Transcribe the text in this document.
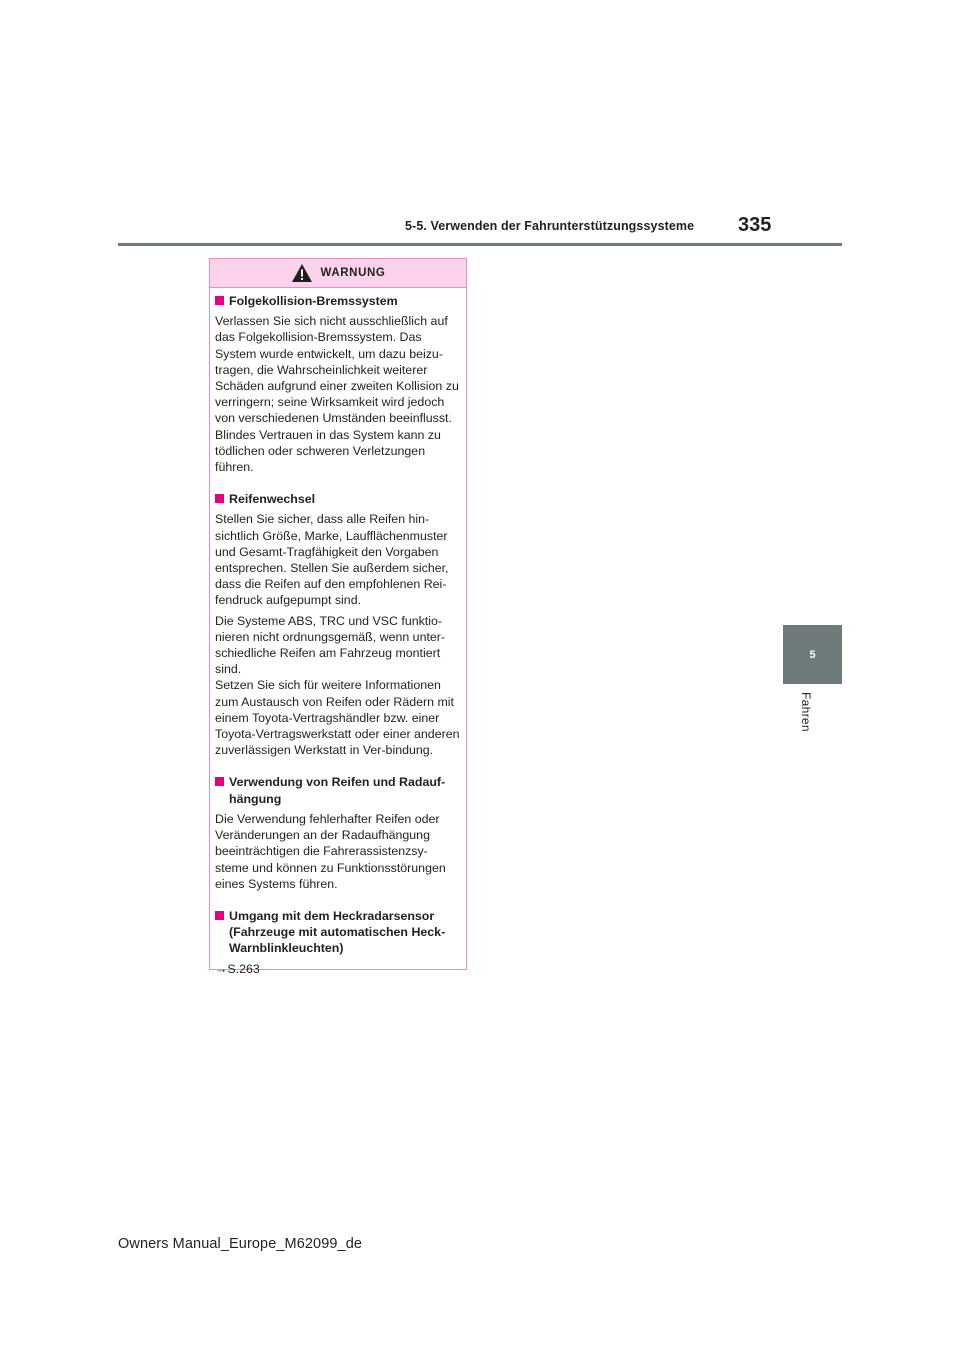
5-5. Verwenden der Fahrunterstützungssysteme 335
5
Fahren
WARNUNG
Folgekollision-Bremssystem

Verlassen Sie sich nicht ausschließlich auf das Folgekollision-Bremssystem. Das System wurde entwickelt, um dazu beizu-tragen, die Wahrscheinlichkeit weiterer Schäden aufgrund einer zweiten Kollision zu verringern; seine Wirksamkeit wird jedoch von verschiedenen Umständen beeinflusst. Blindes Vertrauen in das System kann zu tödlichen oder schweren Verletzungen führen.

Reifenwechsel

Stellen Sie sicher, dass alle Reifen hin-sichtlich Größe, Marke, Laufflächenmuster und Gesamt-Tragfähigkeit den Vorgaben entsprechen. Stellen Sie außerdem sicher, dass die Reifen auf den empfohlenen Rei-fendruck aufgepumpt sind.

Die Systeme ABS, TRC und VSC funktio-nieren nicht ordnungsgemäß, wenn unter-schiedliche Reifen am Fahrzeug montiert sind.

Setzen Sie sich für weitere Informationen zum Austausch von Reifen oder Rädern mit einem Toyota-Vertragshändler bzw. einer Toyota-Vertragswerkstatt oder einer anderen zuverlässigen Werkstatt in Ver-bindung.

Verwendung von Reifen und Radauf-hängung

Die Verwendung fehlerhafter Reifen oder Veränderungen an der Radaufhängung beeinträchtigen die Fahrerassistenzsy-steme und können zu Funktionsstörungen eines Systems führen.

Umgang mit dem Heckradarsensor (Fahrzeuge mit automatischen Heck-Warnblinkleuchten)

→S.263

Owners Manual_Europe_M62099_de
